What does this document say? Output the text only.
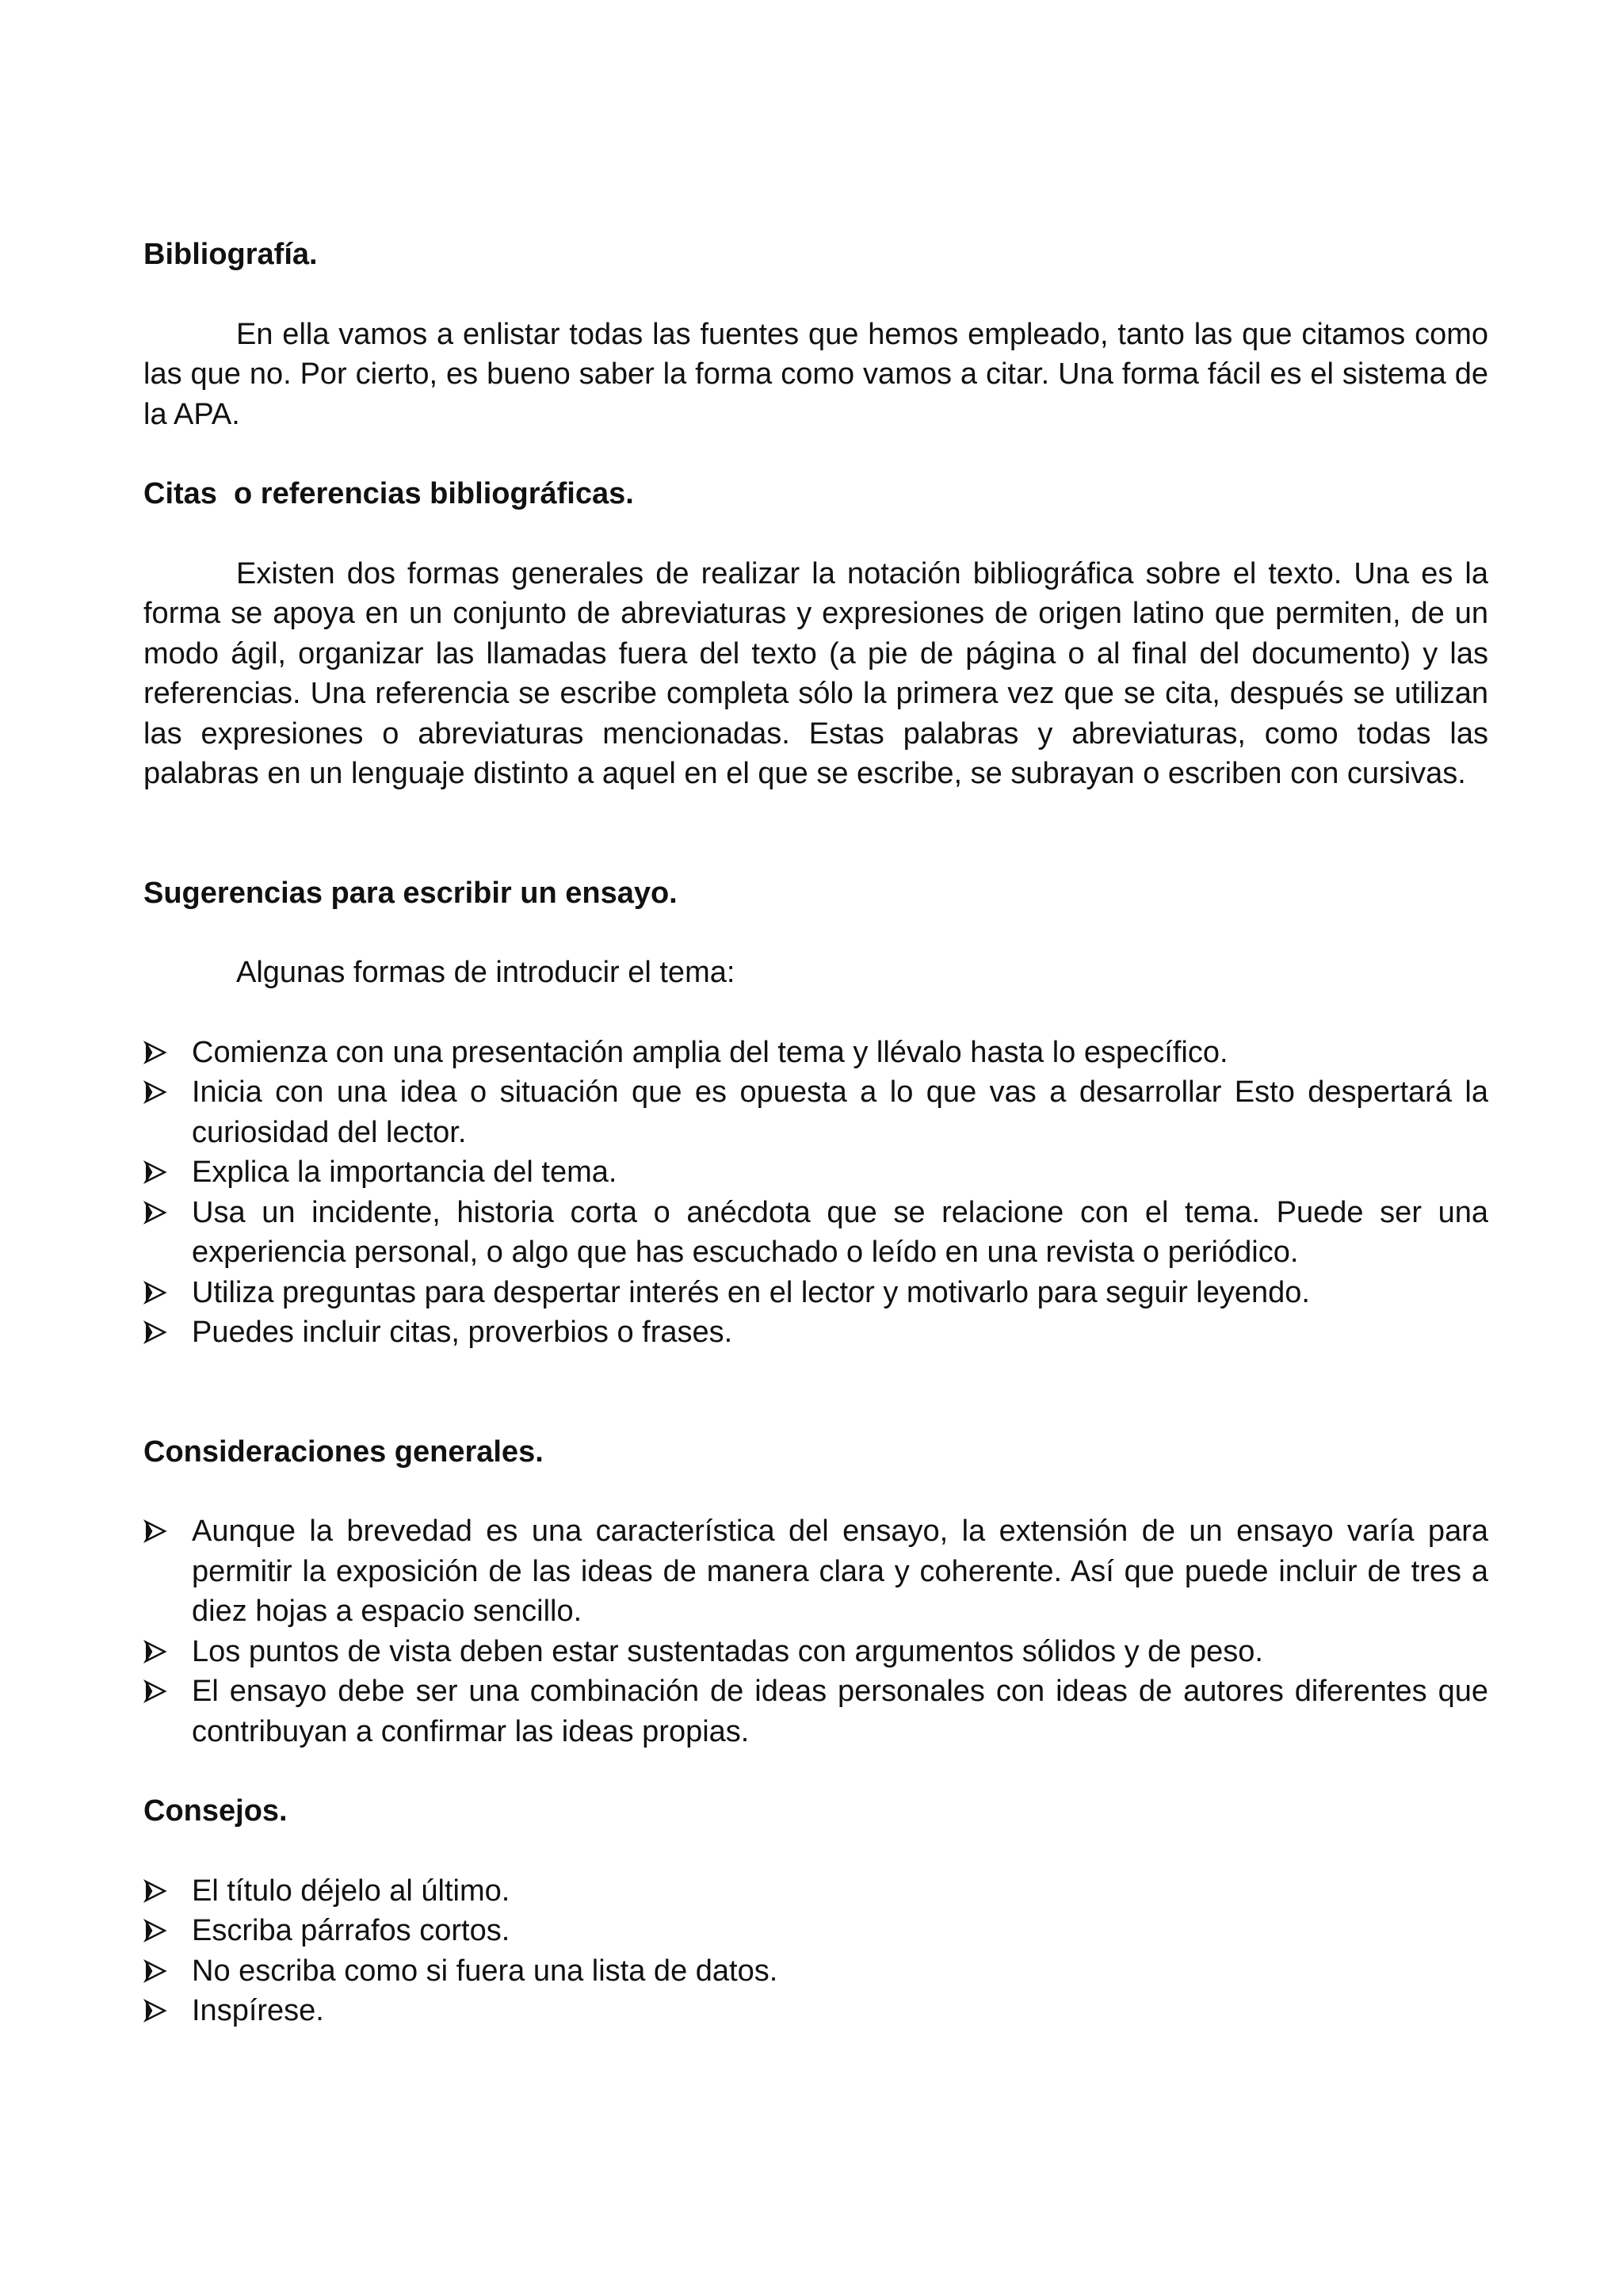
Bibliografía.

En ella vamos a enlistar todas las fuentes que hemos empleado, tanto las que citamos como las que no. Por cierto, es bueno saber la forma como vamos a citar. Una forma fácil es el sistema de la APA.

Citas  o referencias bibliográficas.

Existen dos formas generales de realizar la notación bibliográfica sobre el texto. Una es la forma se apoya en un conjunto de abreviaturas y expresiones de origen latino que permiten, de un modo ágil, organizar las llamadas fuera del texto (a pie de página o al final del documento) y las referencias. Una referencia se escribe completa sólo la primera vez que se cita, después se utilizan las expresiones o abreviaturas mencionadas. Estas palabras y abreviaturas, como todas las palabras en un lenguaje distinto a aquel en el que se escribe, se subrayan o escriben con cursivas.

Sugerencias para escribir un ensayo.

Algunas formas de introducir el tema:

Comienza con una presentación amplia del tema y llévalo hasta lo específico.
Inicia con una idea o situación que es opuesta a lo que vas a desarrollar Esto despertará la curiosidad del lector.
Explica la importancia del tema.
Usa un incidente, historia corta o anécdota que se relacione con el tema. Puede ser una experiencia personal, o algo que has escuchado o leído en una revista o periódico.
Utiliza preguntas para despertar interés en el lector y motivarlo para seguir leyendo.
Puedes incluir citas, proverbios o frases.
Consideraciones generales.
Aunque la brevedad es una característica del ensayo, la extensión de un ensayo varía para permitir la exposición de las ideas de manera clara y coherente. Así que puede incluir de tres a diez hojas a espacio sencillo.
Los puntos de vista deben estar sustentadas con argumentos sólidos y de peso.
El ensayo debe ser una combinación de ideas personales con ideas de autores diferentes que contribuyan a confirmar las ideas propias.
Consejos.
El título déjelo al último.
Escriba párrafos cortos.
No escriba como si fuera una lista de datos.
Inspírese.
